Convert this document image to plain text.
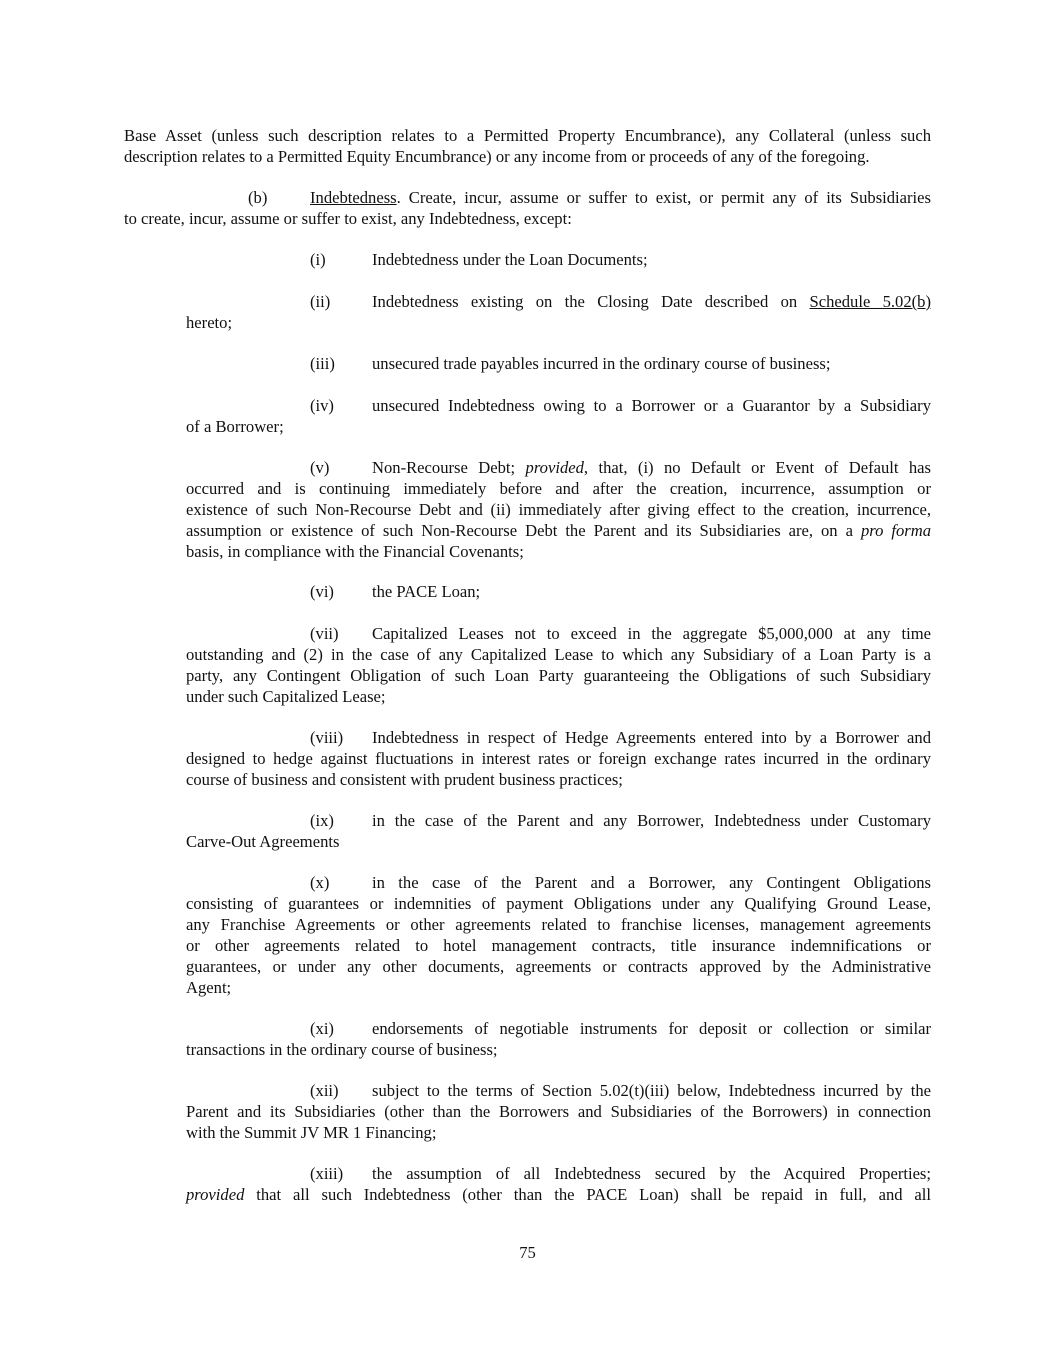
Base Asset (unless such description relates to a Permitted Property Encumbrance), any Collateral (unless such
description relates to a Permitted Equity Encumbrance) or any income from or proceeds of any of the foregoing.
(b)	Indebtedness. Create, incur, assume or suffer to exist, or permit any of its Subsidiaries
to create, incur, assume or suffer to exist, any Indebtedness, except:
(i)	Indebtedness under the Loan Documents;
(ii)	Indebtedness existing on the Closing Date described on Schedule 5.02(b)
hereto;
(iii) unsecured trade payables incurred in the ordinary course of business;
(iv) unsecured Indebtedness owing to a Borrower or a Guarantor by a Subsidiary
of a Borrower;
(v)	Non-Recourse Debt; provided, that, (i) no Default or Event of Default has
occurred and is continuing immediately before and after the creation, incurrence, assumption or
existence of such Non-Recourse Debt and (ii) immediately after giving effect to the creation, incurrence,
assumption or existence of such Non-Recourse Debt the Parent and its Subsidiaries are, on a pro forma
basis, in compliance with the Financial Covenants;
(vi) the PACE Loan;
(vii) Capitalized Leases not to exceed in the aggregate $5,000,000 at any time
outstanding and (2) in the case of any Capitalized Lease to which any Subsidiary of a Loan Party is a
party, any Contingent Obligation of such Loan Party guaranteeing the Obligations of such Subsidiary
under such Capitalized Lease;
(viii) Indebtedness in respect of Hedge Agreements entered into by a Borrower and
designed to hedge against fluctuations in interest rates or foreign exchange rates incurred in the ordinary
course of business and consistent with prudent business practices;
(ix) in the case of the Parent and any Borrower, Indebtedness under Customary
Carve-Out Agreements
(x)	in the case of the Parent and a Borrower, any Contingent Obligations
consisting of guarantees or indemnities of payment Obligations under any Qualifying Ground Lease,
any Franchise Agreements or other agreements related to franchise licenses, management agreements
or other agreements related to hotel management contracts, title insurance indemnifications or
guarantees, or under any other documents, agreements or contracts approved by the Administrative
Agent;
(xi) endorsements of negotiable instruments for deposit or collection or similar
transactions in the ordinary course of business;
(xii) subject to the terms of Section 5.02(t)(iii) below, Indebtedness incurred by the
Parent and its Subsidiaries (other than the Borrowers and Subsidiaries of the Borrowers) in connection
with the Summit JV MR 1 Financing;
(xiii) the assumption of all Indebtedness secured by the Acquired Properties;
provided that all such Indebtedness (other than the PACE Loan) shall be repaid in full, and all
75
